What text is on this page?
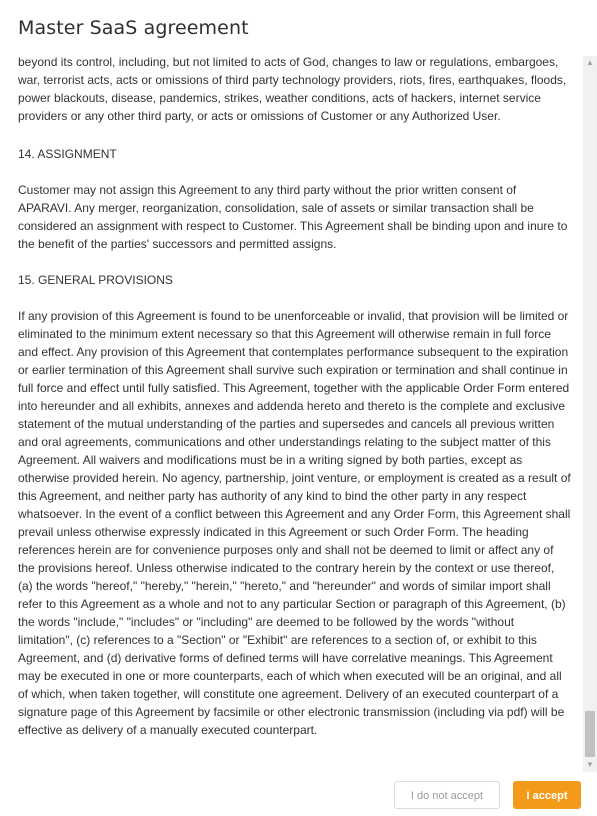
Master SaaS agreement

beyond its control, including, but not limited to acts of God, changes to law or regulations, embargoes, war, terrorist acts, acts or omissions of third party technology providers, riots, fires, earthquakes, floods, power blackouts, disease, pandemics, strikes, weather conditions, acts of hackers, internet service providers or any other third party, or acts or omissions of Customer or any Authorized User.

14. ASSIGNMENT

Customer may not assign this Agreement to any third party without the prior written consent of APARAVI. Any merger, reorganization, consolidation, sale of assets or similar transaction shall be considered an assignment with respect to Customer. This Agreement shall be binding upon and inure to the benefit of the parties' successors and permitted assigns.

15. GENERAL PROVISIONS

If any provision of this Agreement is found to be unenforceable or invalid, that provision will be limited or eliminated to the minimum extent necessary so that this Agreement will otherwise remain in full force and effect. Any provision of this Agreement that contemplates performance subsequent to the expiration or earlier termination of this Agreement shall survive such expiration or termination and shall continue in full force and effect until fully satisfied. This Agreement, together with the applicable Order Form entered into hereunder and all exhibits, annexes and addenda hereto and thereto is the complete and exclusive statement of the mutual understanding of the parties and supersedes and cancels all previous written and oral agreements, communications and other understandings relating to the subject matter of this Agreement. All waivers and modifications must be in a writing signed by both parties, except as otherwise provided herein. No agency, partnership, joint venture, or employment is created as a result of this Agreement, and neither party has authority of any kind to bind the other party in any respect whatsoever. In the event of a conflict between this Agreement and any Order Form, this Agreement shall prevail unless otherwise expressly indicated in this Agreement or such Order Form. The heading references herein are for convenience purposes only and shall not be deemed to limit or affect any of the provisions hereof. Unless otherwise indicated to the contrary herein by the context or use thereof, (a) the words "hereof," "hereby," "herein," "hereto," and "hereunder" and words of similar import shall refer to this Agreement as a whole and not to any particular Section or paragraph of this Agreement, (b) the words "include," "includes" or "including" are deemed to be followed by the words "without limitation", (c) references to a "Section" or "Exhibit" are references to a section of, or exhibit to this Agreement, and (d) derivative forms of defined terms will have correlative meanings. This Agreement may be executed in one or more counterparts, each of which when executed will be an original, and all of which, when taken together, will constitute one agreement. Delivery of an executed counterpart of a signature page of this Agreement by facsimile or other electronic transmission (including via pdf) will be effective as delivery of a manually executed counterpart.

▲
▼
I do not accept	I accept
